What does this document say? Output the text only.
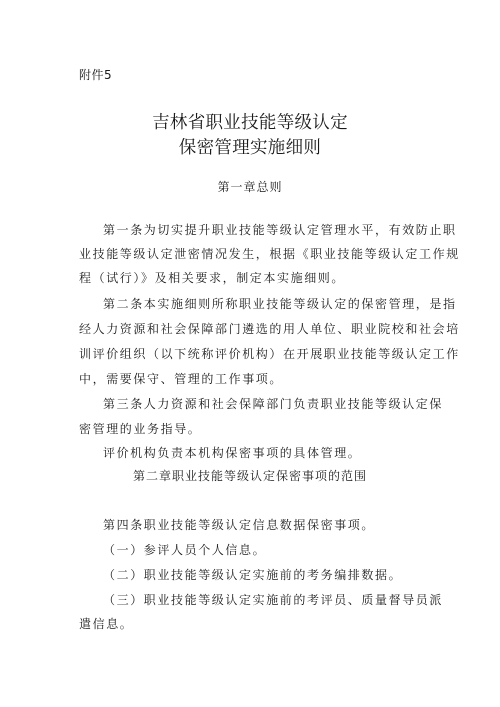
附件5
吉林省职业技能等级认定
保密管理实施细则
第一章总则
第一条为切实提升职业技能等级认定管理水平，有效防止职
业技能等级认定泄密情况发生，根据《职业技能等级认定工作规
程（试行）》及相关要求，制定本实施细则。
第二条本实施细则所称职业技能等级认定的保密管理，是指
经人力资源和社会保障部门遴选的用人单位、职业院校和社会培
训评价组织（以下统称评价机构）在开展职业技能等级认定工作
中，需要保守、管理的工作事项。
第三条人力资源和社会保障部门负责职业技能等级认定保
密管理的业务指导。
评价机构负责本机构保密事项的具体管理。
第二章职业技能等级认定保密事项的范围
第四条职业技能等级认定信息数据保密事项。
（一）参评人员个人信息。
（二）职业技能等级认定实施前的考务编排数据。
（三）职业技能等级认定实施前的考评员、质量督导员派
遣信息。
